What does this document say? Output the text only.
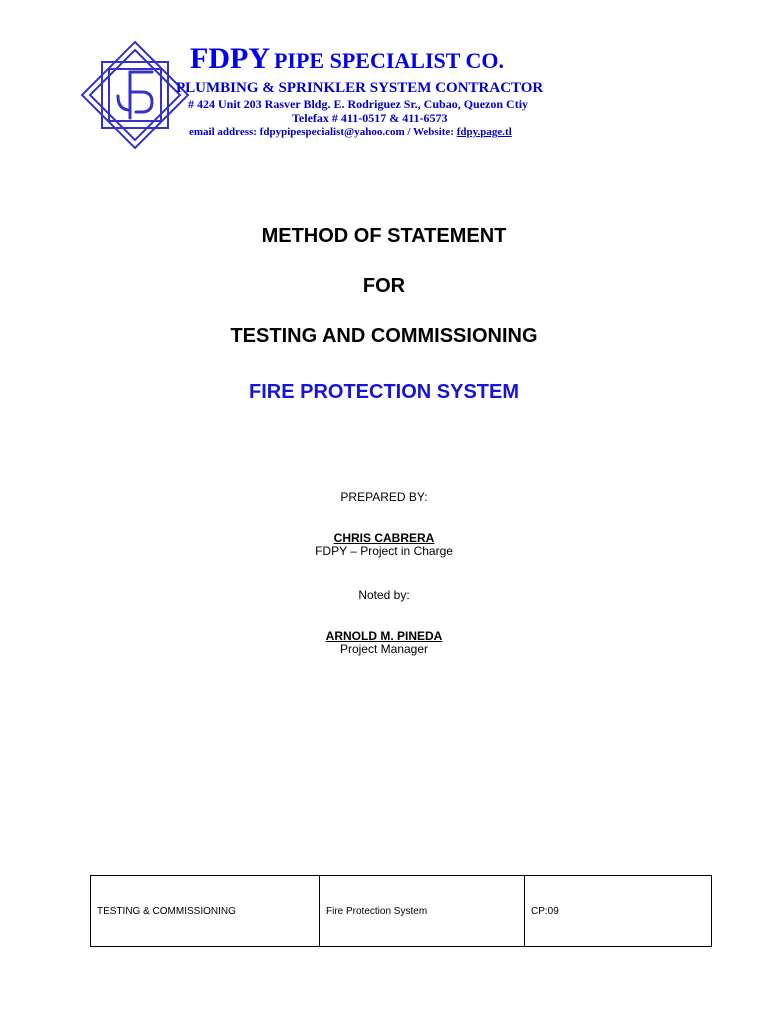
FDPY PIPE SPECIALIST CO.
PLUMBING & SPRINKLER SYSTEM CONTRACTOR
# 424 Unit 203 Rasver Bldg. E. Rodriguez Sr., Cubao, Quezon Ctiy
Telefax # 411-0517 & 411-6573
email address: fdpypipespecialist@yahoo.com / Website: fdpy.page.tl
METHOD OF STATEMENT
FOR
TESTING AND COMMISSIONING
FIRE PROTECTION SYSTEM
PREPARED BY:
CHRIS CABRERA
FDPY – Project in Charge
Noted by:
ARNOLD M. PINEDA
Project Manager
TESTING & COMMISSIONING	Fire Protection System	CP:09
